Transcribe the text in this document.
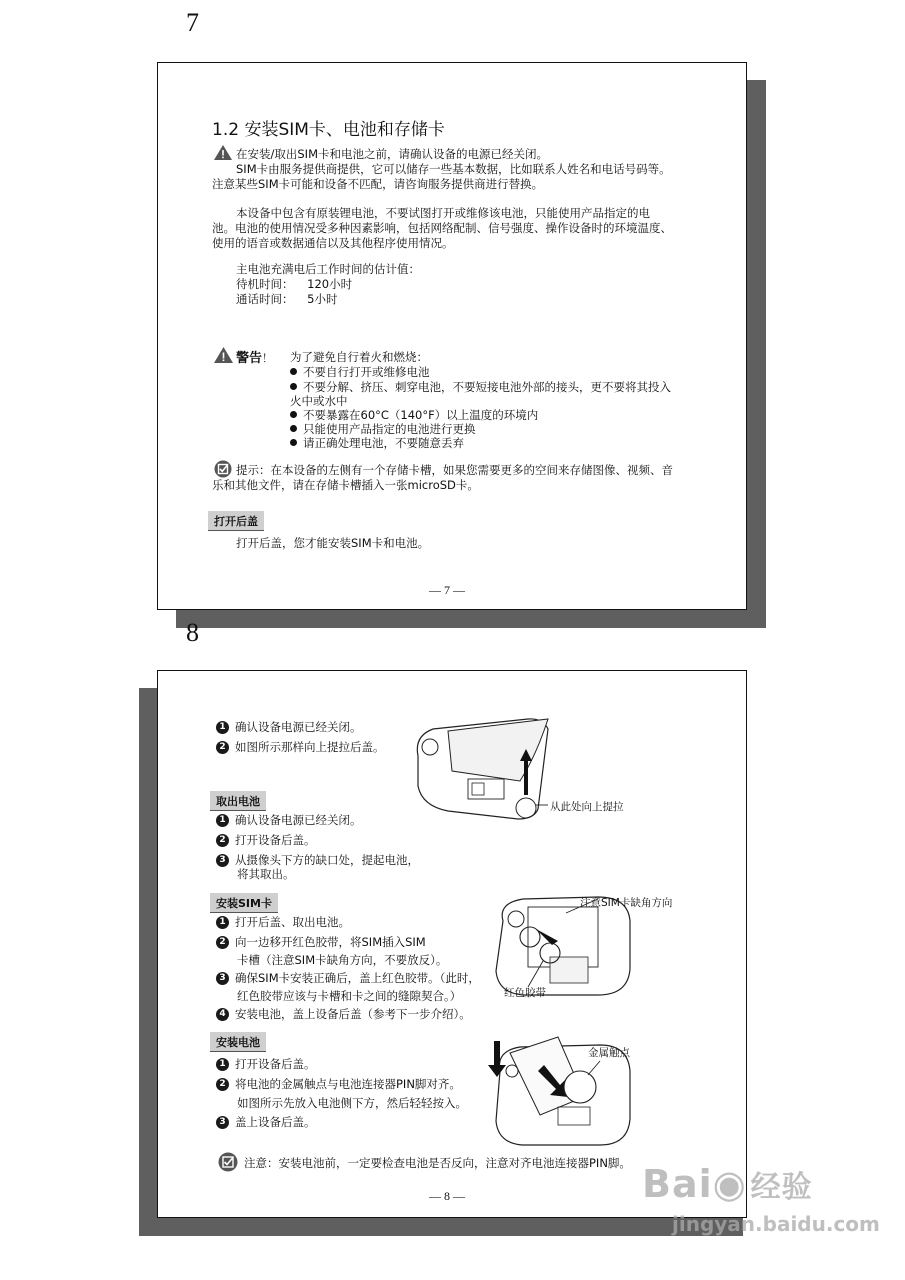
7
1.2 安装SIM卡、电池和存储卡
在安装/取出SIM卡和电池之前，请确认设备的电源已经关闭。
SIM卡由服务提供商提供，它可以储存一些基本数据，比如联系人姓名和电话号码等。
注意某些SIM卡可能和设备不匹配，请咨询服务提供商进行替换。
本设备中包含有原装锂电池，不要试图打开或维修该电池，只能使用产品指定的电
池。电池的使用情况受多种因素影响，包括网络配制、信号强度、操作设备时的环境温度、
使用的语音或数据通信以及其他程序使用情况。
主电池充满电后工作时间的估计值：
待机时间： 120小时
通话时间： 5小时
警告！ 为了避免自行着火和燃烧：
不要自行打开或维修电池
不要分解、挤压、刺穿电池，不要短接电池外部的接头，更不要将其投入
火中或水中
不要暴露在60°C（140°F）以上温度的环境内
只能使用产品指定的电池进行更换
请正确处理电池，不要随意丢弃
提示：在本设备的左侧有一个存储卡槽，如果您需要更多的空间来存储图像、视频、音
乐和其他文件，请在存储卡槽插入一张microSD卡。
打开后盖
打开后盖，您才能安装SIM卡和电池。
— 7 —
8
1 确认设备电源已经关闭。
2 如图所示那样向上提拉后盖。
从此处向上提拉
取出电池
1 确认设备电源已经关闭。
2 打开设备后盖。
3 从摄像头下方的缺口处，提起电池，
将其取出。
安装SIM卡
1 打开后盖、取出电池。
2 向一边移开红色胶带，将SIM插入SIM
卡槽（注意SIM卡缺角方向，不要放反）。
3 确保SIM卡安装正确后，盖上红色胶带。（此时，
红色胶带应该与卡槽和卡之间的缝隙契合。）
4 安装电池，盖上设备后盖（参考下一步介绍）。
注意SIM卡缺角方向
红色胶带
安装电池
1 打开设备后盖。
2 将电池的金属触点与电池连接器PIN脚对齐。
如图所示先放入电池侧下方，然后轻轻按入。
3 盖上设备后盖。
金属触点
注意：安装电池前，一定要检查电池是否反向，注意对齐电池连接器PIN脚。
— 8 —	Bai◉ 经验
jingyan.baidu.com
